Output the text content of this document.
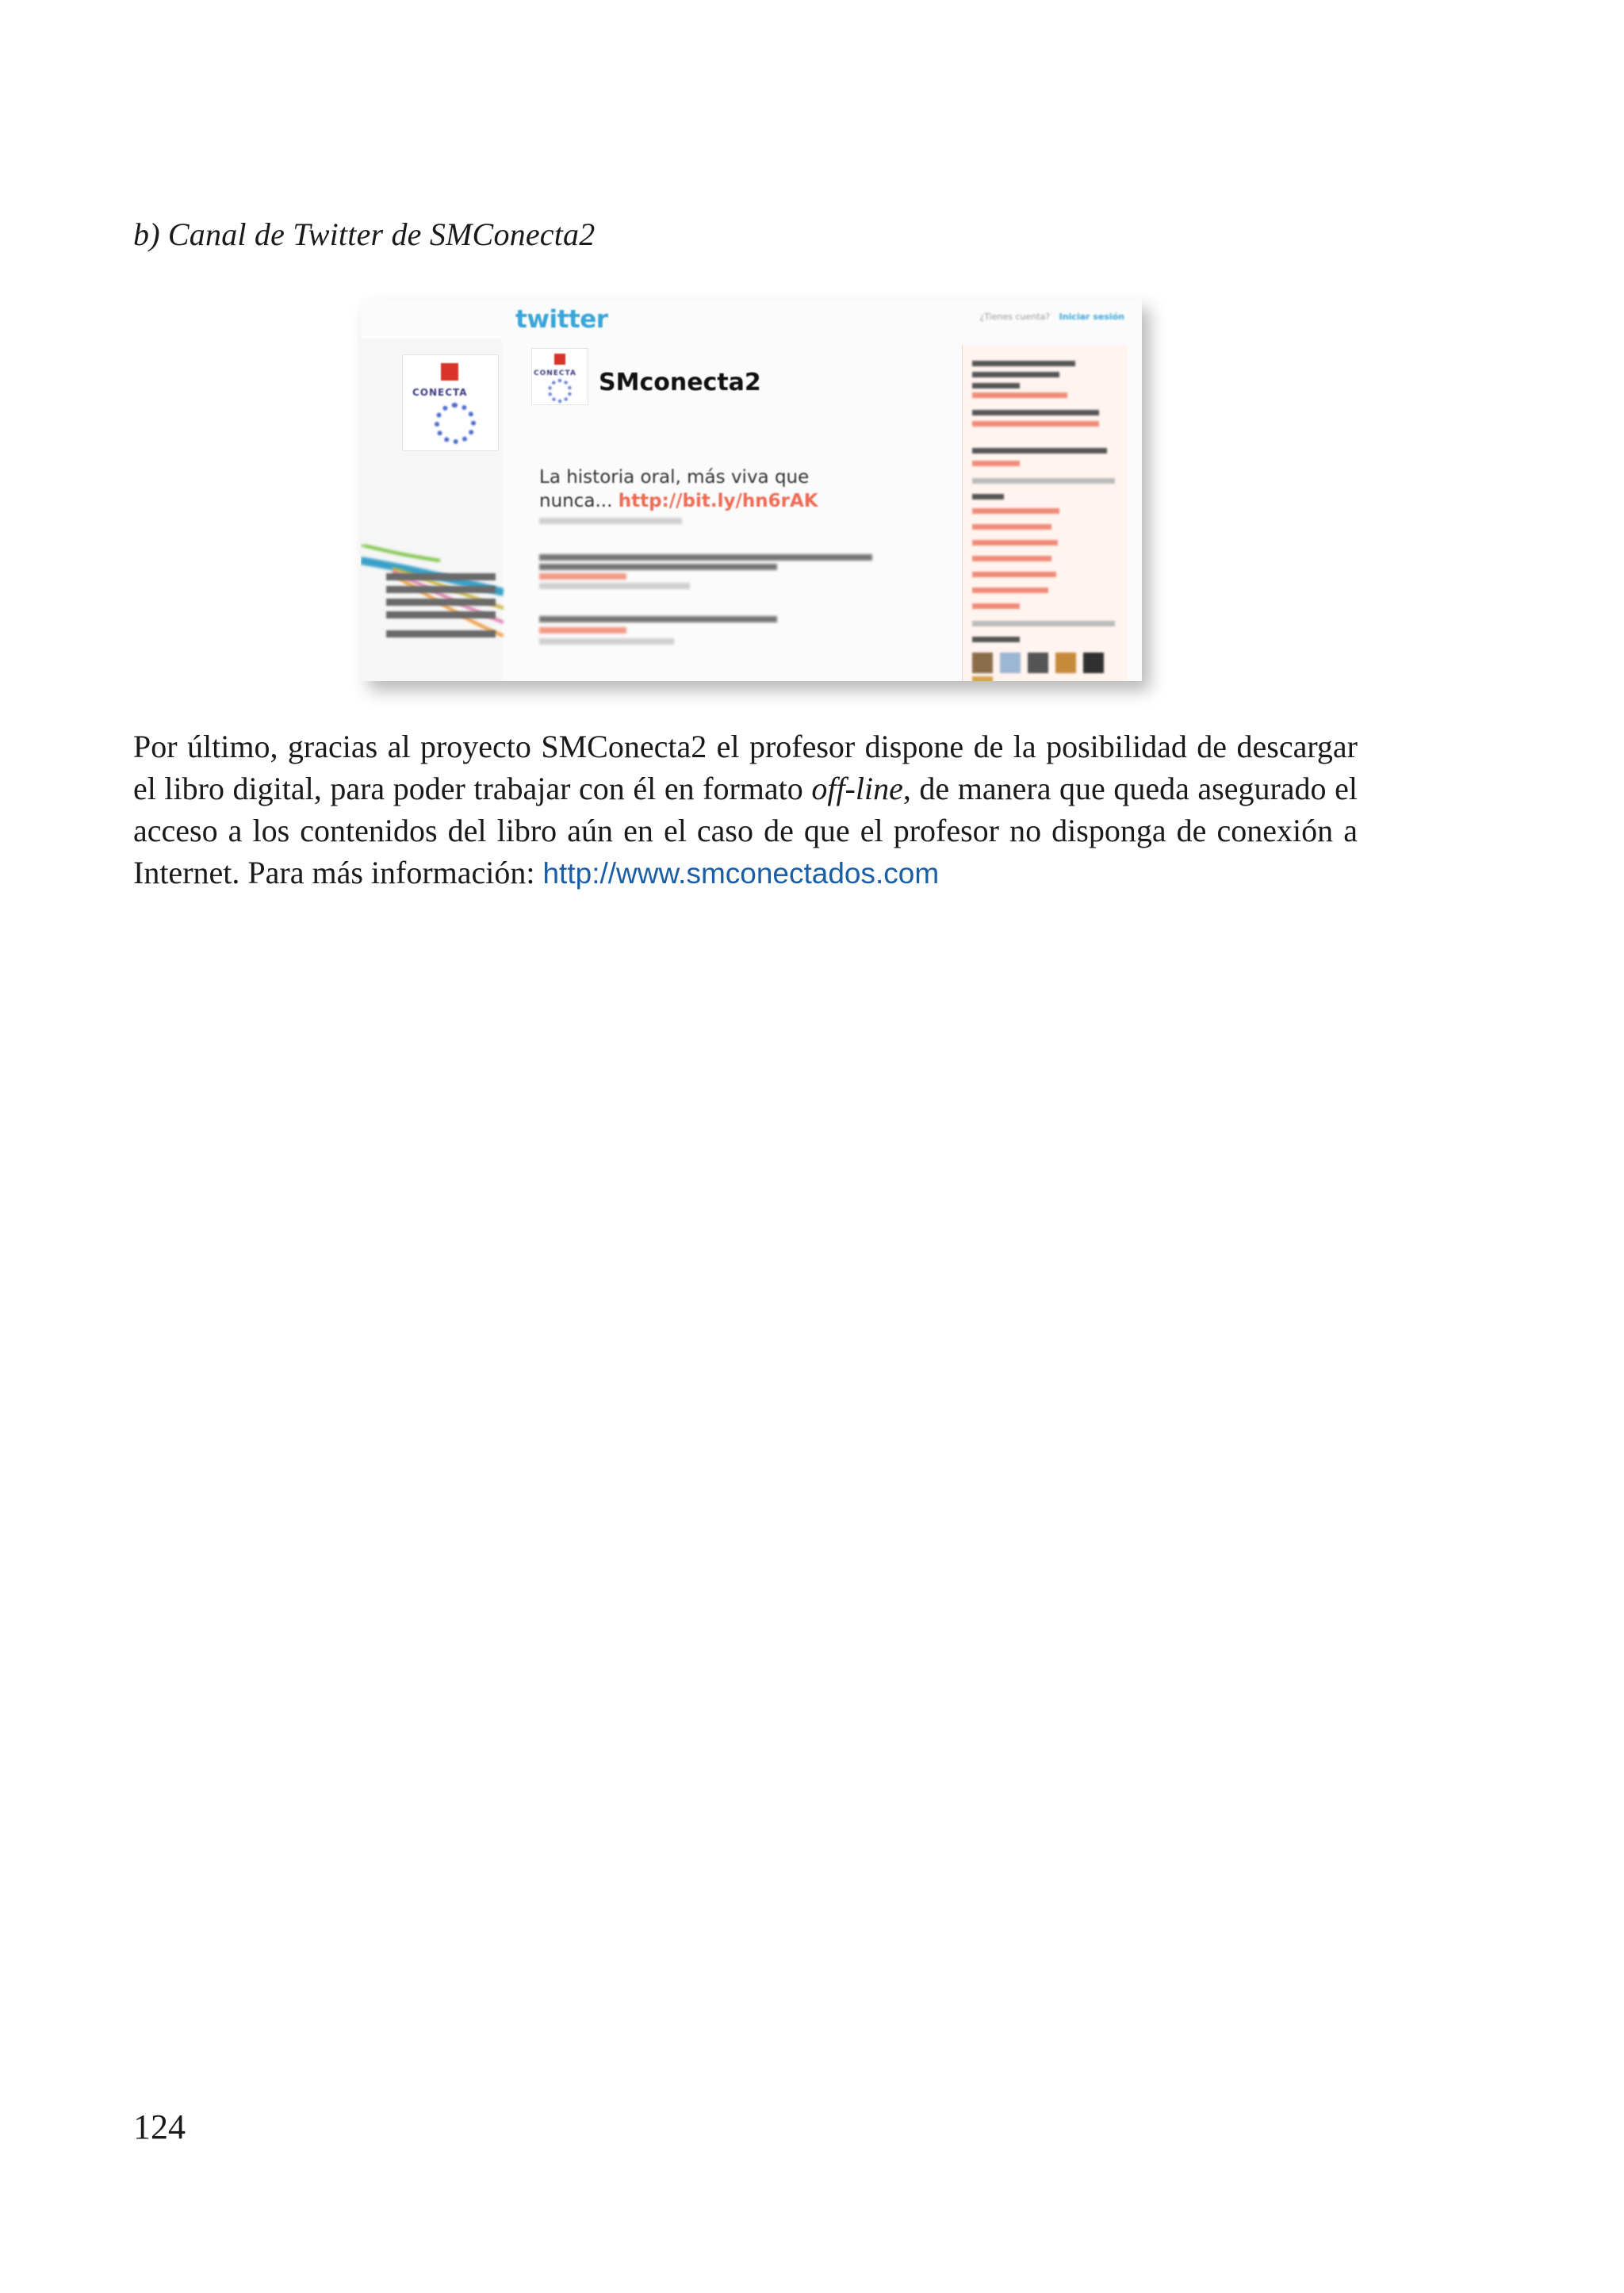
b) Canal de Twitter de SMConecta2
twitter	¿Tienes cuenta? Iniciar sesión
CONECTA
CONECTA SMconecta2
La historia oral, más viva que nunca... http://bit.ly/hn6rAK

Por último, gracias al proyecto SMConecta2 el profesor dispone de la posibilidad de descargar el libro digital, para poder trabajar con él en formato off-line, de manera que queda asegurado el acceso a los contenidos del libro aún en el caso de que el profesor no disponga de conexión a Internet. Para más información: http://www.smconectados.com

124
